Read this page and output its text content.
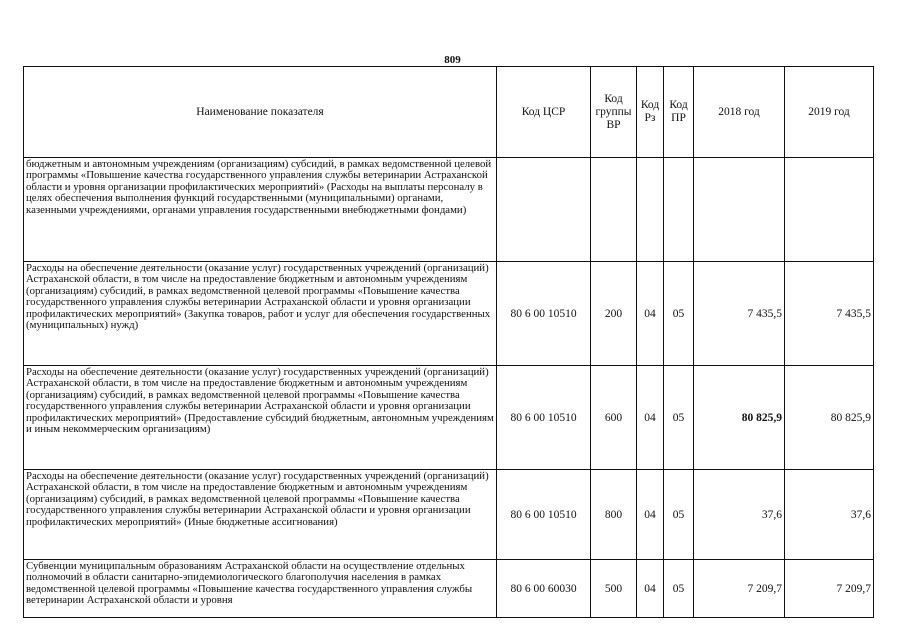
809
Наименование показателя	Код ЦСР	Код группы ВР	Код Рз	Код ПР	2018 год	2019 год
бюджетным и автономным учреждениям (организациям) субсидий, в рамках ведомственной целевой программы «Повышение качества государственного управления службы ветеринарии Астраханской области и уровня организации профилактических мероприятий» (Расходы на выплаты персоналу в целях обеспечения выполнения функций государственными (муниципальными) органами, казенными учреждениями, органами управления государственными внебюджетными фондами)						
Расходы на обеспечение деятельности (оказание услуг) государственных учреждений (организаций) Астраханской области, в том числе на предоставление бюджетным и автономным учреждениям (организациям) субсидий, в рамках ведомственной целевой программы «Повышение качества государственного управления службы ветеринарии Астраханской области и уровня организации профилактических мероприятий» (Закупка товаров, работ и услуг для обеспечения государственных (муниципальных) нужд)	80 6 00 10510	200	04	05	7 435,5	7 435,5
Расходы на обеспечение деятельности (оказание услуг) государственных учреждений (организаций) Астраханской области, в том числе на предоставление бюджетным и автономным учреждениям (организациям) субсидий, в рамках ведомственной целевой программы «Повышение качества государственного управления службы ветеринарии Астраханской области и уровня организации профилактических мероприятий» (Предоставление субсидий бюджетным, автономным учреждениям и иным некоммерческим организациям)	80 6 00 10510	600	04	05	80 825,9	80 825,9
Расходы на обеспечение деятельности (оказание услуг) государственных учреждений (организаций) Астраханской области, в том числе на предоставление бюджетным и автономным учреждениям (организациям) субсидий, в рамках ведомственной целевой программы «Повышение качества государственного управления службы ветеринарии Астраханской области и уровня организации профилактических мероприятий» (Иные бюджетные ассигнования)	80 6 00 10510	800	04	05	37,6	37,6
Субвенции муниципальным образованиям Астраханской области на осуществление отдельных полномочий в области санитарно-эпидемиологического благополучия населения в рамках ведомственной целевой программы «Повышение качества государственного управления службы ветеринарии Астраханской области и уровня	80 6 00 60030	500	04	05	7 209,7	7 209,7
